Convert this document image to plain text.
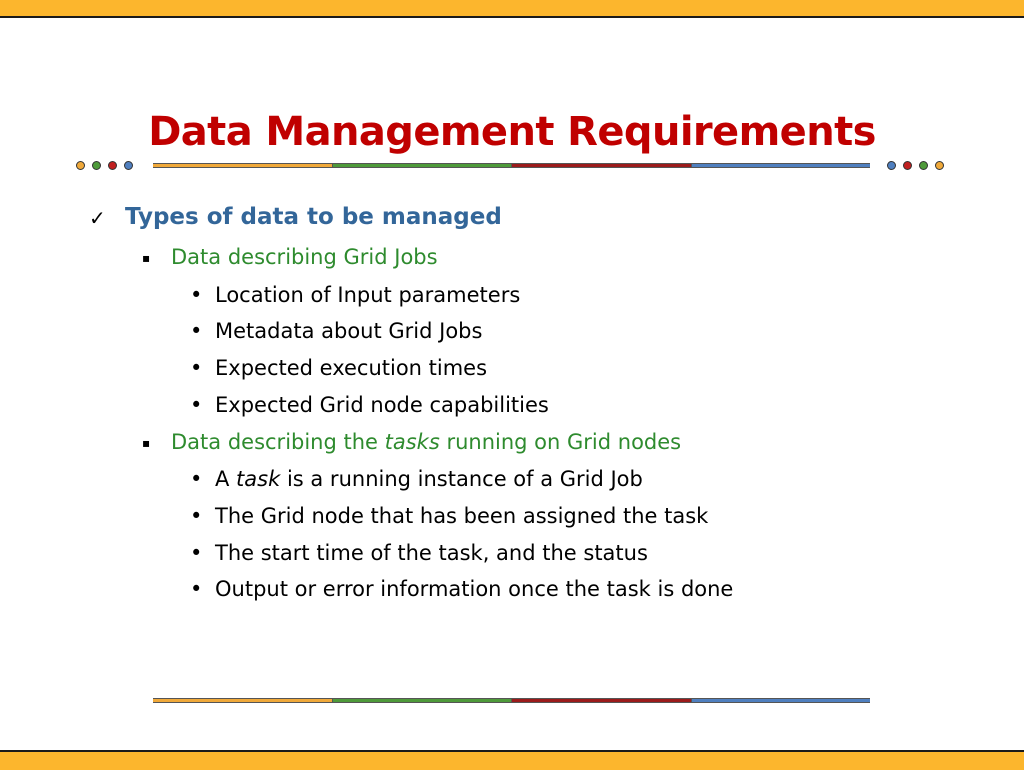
Data Management Requirements
✓ Types of data to be managed
▪ Data describing Grid Jobs
• Location of Input parameters
• Metadata about Grid Jobs
• Expected execution times
• Expected Grid node capabilities
▪ Data describing the tasks running on Grid nodes
• A task is a running instance of a Grid Job
• The Grid node that has been assigned the task
• The start time of the task, and the status
• Output or error information once the task is done
